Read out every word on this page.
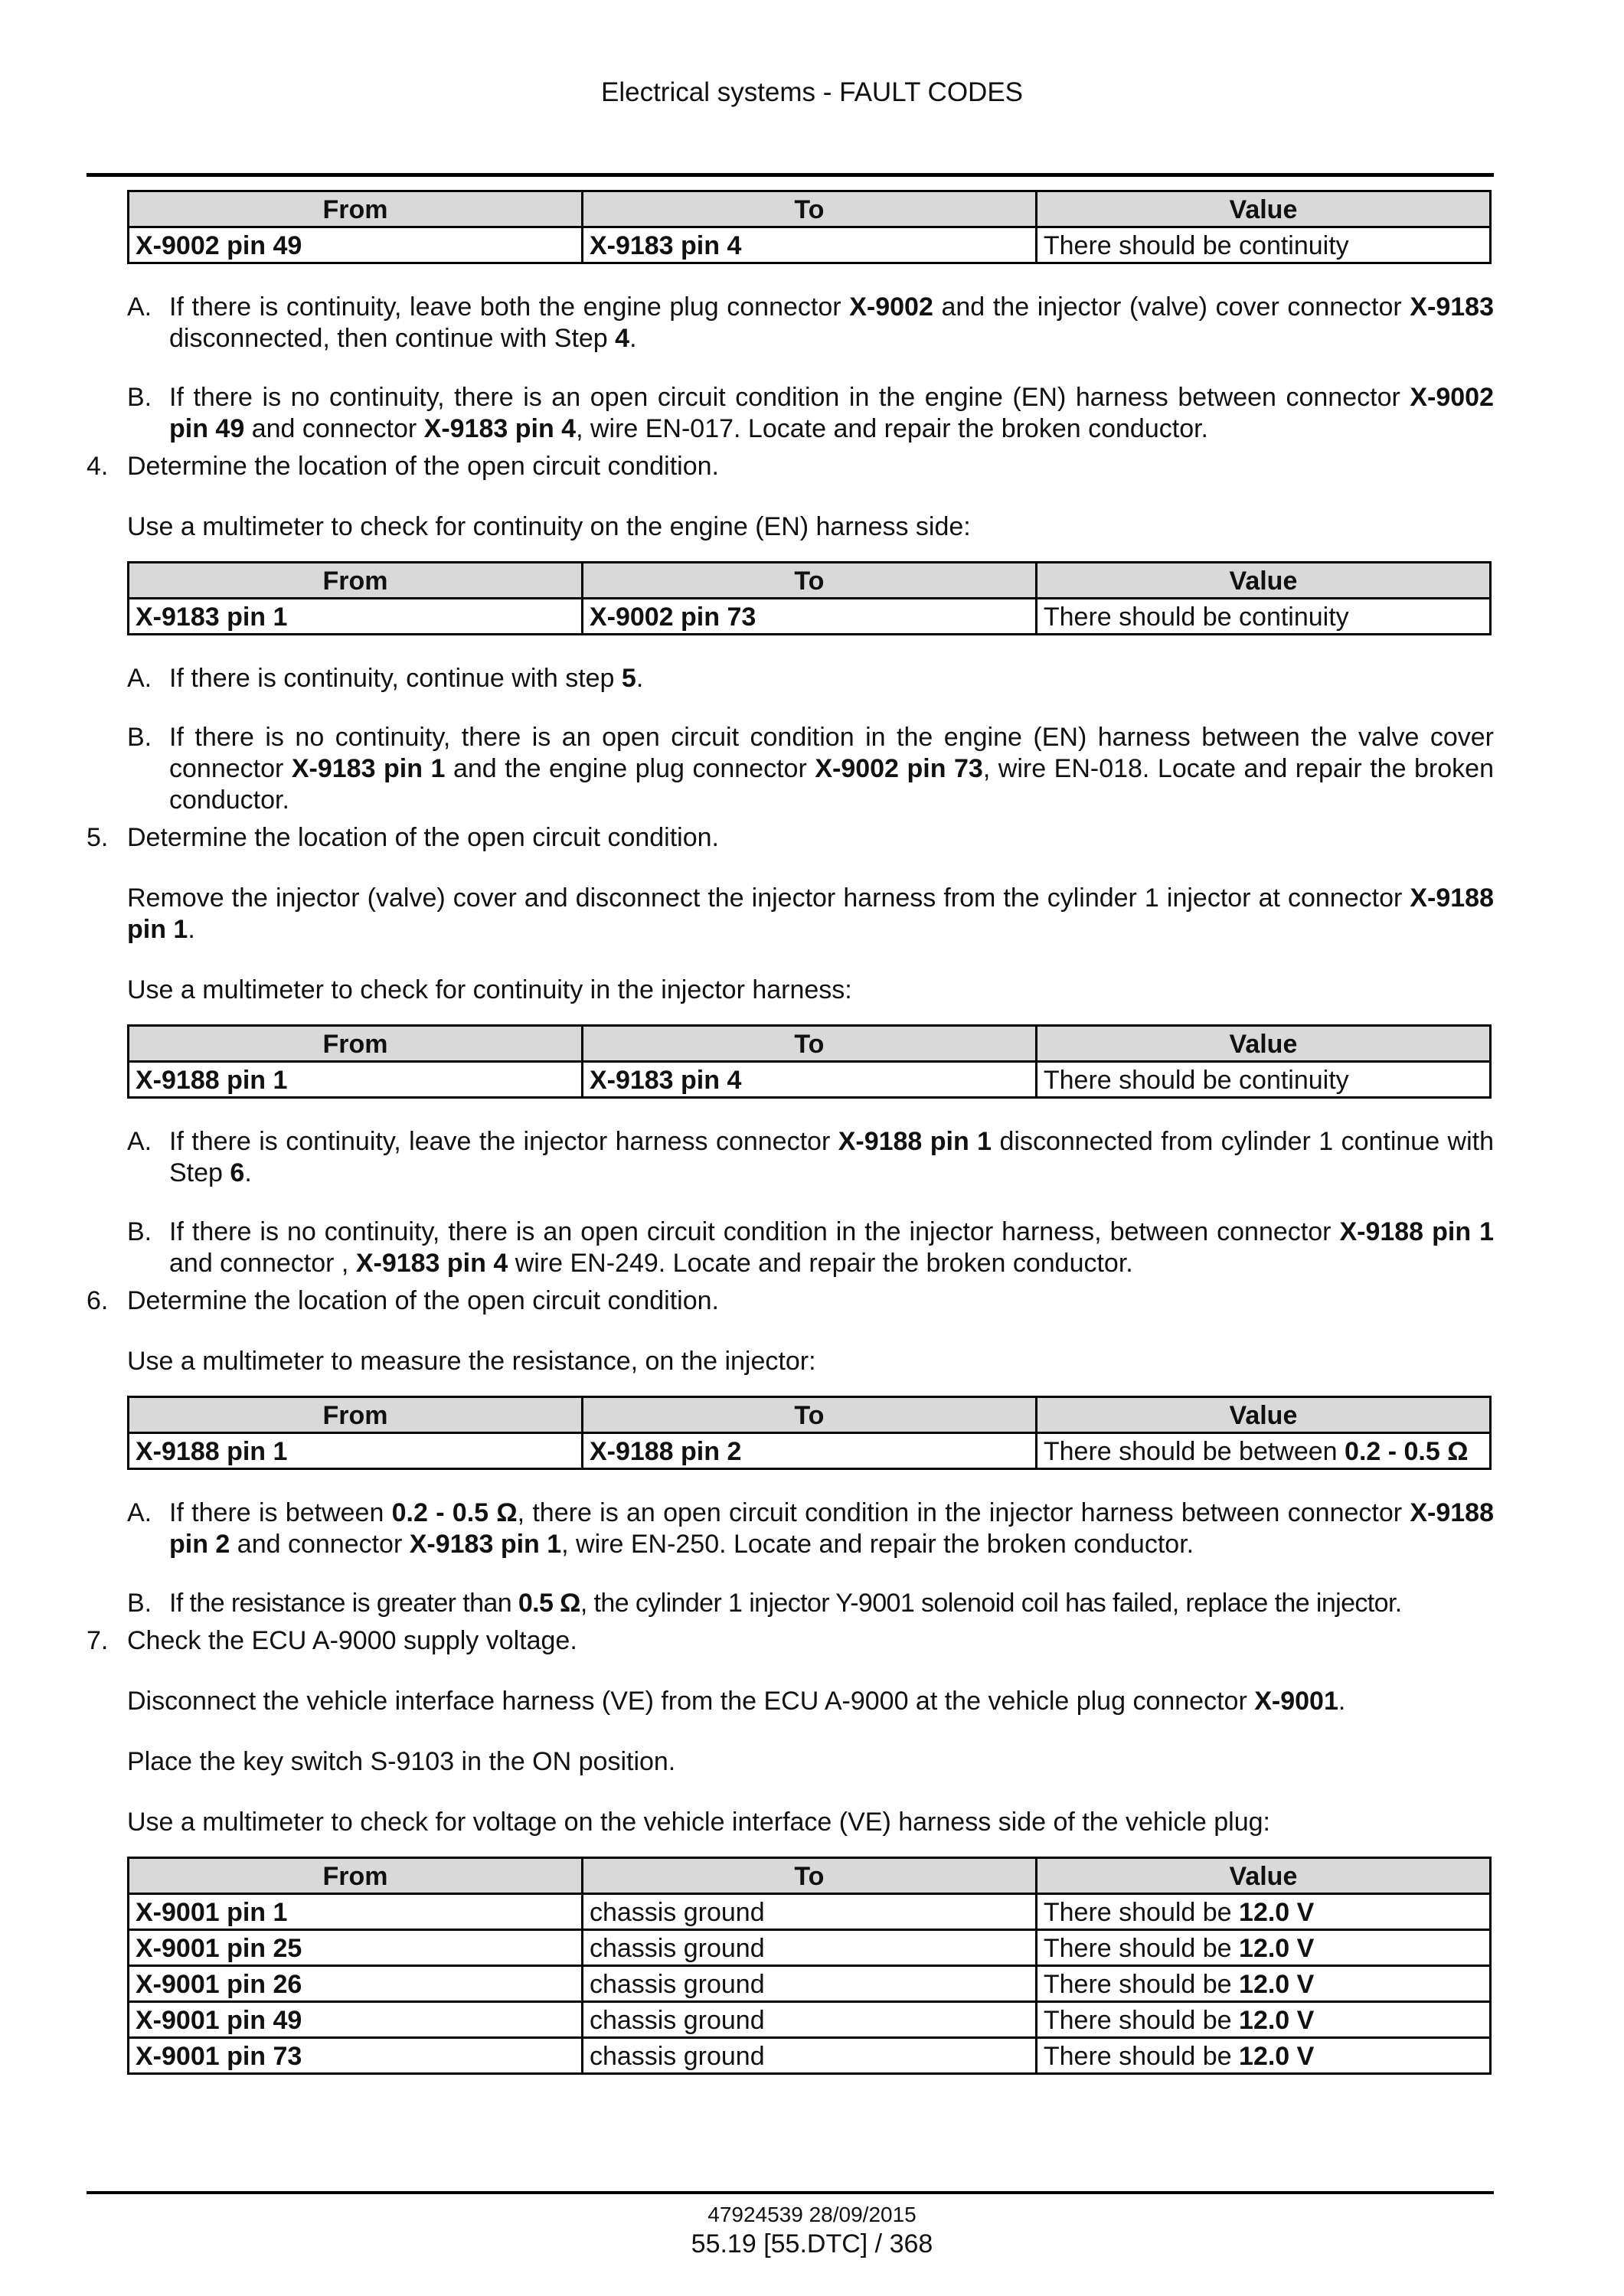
Electrical systems - FAULT CODES
From	To	Value
X-9002 pin 49	X-9183 pin 4	There should be continuity
A. If there is continuity, leave both the engine plug connector X-9002 and the injector (valve) cover connector X-9183 disconnected, then continue with Step 4.
B. If there is no continuity, there is an open circuit condition in the engine (EN) harness between connector X-9002 pin 49 and connector X-9183 pin 4, wire EN-017. Locate and repair the broken conductor.
4. Determine the location of the open circuit condition.
Use a multimeter to check for continuity on the engine (EN) harness side:
From	To	Value
X-9183 pin 1	X-9002 pin 73	There should be continuity
A. If there is continuity, continue with step 5.
B. If there is no continuity, there is an open circuit condition in the engine (EN) harness between the valve cover connector X-9183 pin 1 and the engine plug connector X-9002 pin 73, wire EN-018. Locate and repair the broken conductor.
5. Determine the location of the open circuit condition.
Remove the injector (valve) cover and disconnect the injector harness from the cylinder 1 injector at connector X-9188 pin 1.
Use a multimeter to check for continuity in the injector harness:
From	To	Value
X-9188 pin 1	X-9183 pin 4	There should be continuity
A. If there is continuity, leave the injector harness connector X-9188 pin 1 disconnected from cylinder 1 continue with Step 6.
B. If there is no continuity, there is an open circuit condition in the injector harness, between connector X-9188 pin 1 and connector , X-9183 pin 4 wire EN-249. Locate and repair the broken conductor.
6. Determine the location of the open circuit condition.
Use a multimeter to measure the resistance, on the injector:
From	To	Value
X-9188 pin 1	X-9188 pin 2	There should be between 0.2 - 0.5 Ω
A. If there is between 0.2 - 0.5 Ω, there is an open circuit condition in the injector harness between connector X-9188 pin 2 and connector X-9183 pin 1, wire EN-250. Locate and repair the broken conductor.
B. If the resistance is greater than 0.5 Ω, the cylinder 1 injector Y-9001 solenoid coil has failed, replace the injector.
7. Check the ECU A-9000 supply voltage.
Disconnect the vehicle interface harness (VE) from the ECU A-9000 at the vehicle plug connector X-9001.
Place the key switch S-9103 in the ON position.
Use a multimeter to check for voltage on the vehicle interface (VE) harness side of the vehicle plug:
From	To	Value
X-9001 pin 1	chassis ground	There should be 12.0 V
X-9001 pin 25	chassis ground	There should be 12.0 V
X-9001 pin 26	chassis ground	There should be 12.0 V
X-9001 pin 49	chassis ground	There should be 12.0 V
X-9001 pin 73	chassis ground	There should be 12.0 V
47924539 28/09/2015
55.19 [55.DTC] / 368
